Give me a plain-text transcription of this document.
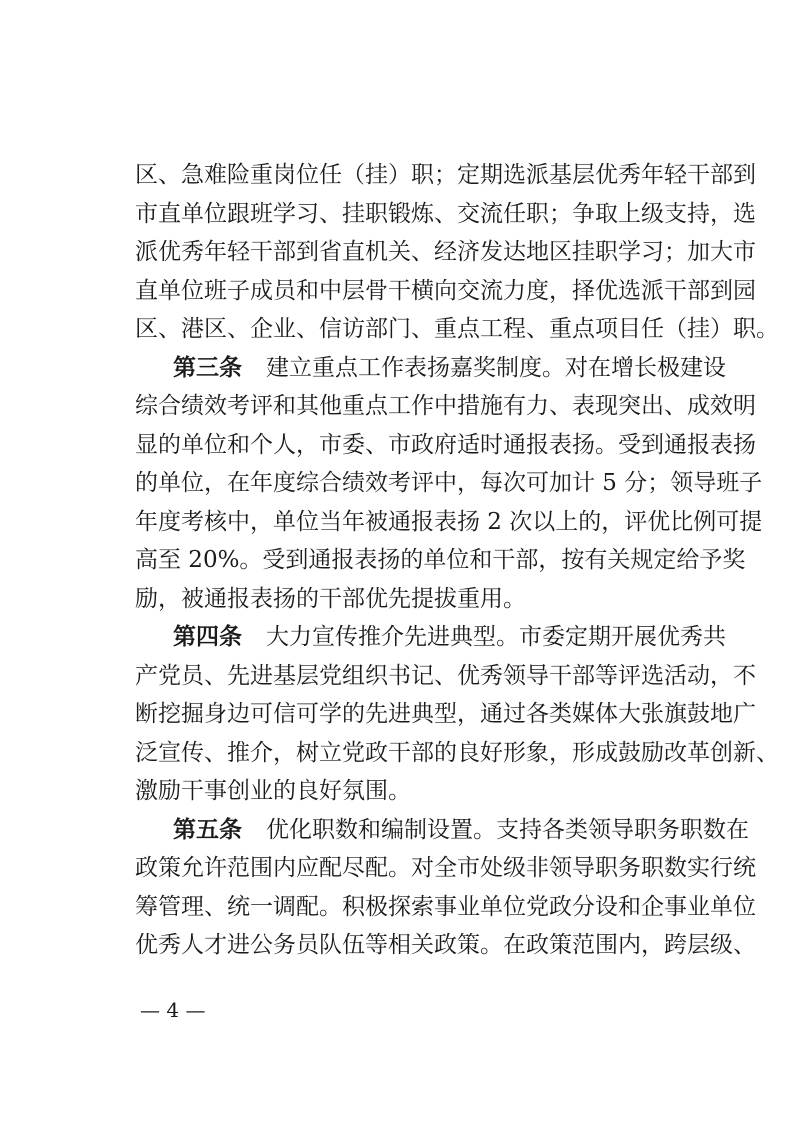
区、急难险重岗位任（挂）职；定期选派基层优秀年轻干部到
市直单位跟班学习、挂职锻炼、交流任职；争取上级支持，选
派优秀年轻干部到省直机关、经济发达地区挂职学习；加大市
直单位班子成员和中层骨干横向交流力度，择优选派干部到园
区、港区、企业、信访部门、重点工程、重点项目任（挂）职。
第三条 建立重点工作表扬嘉奖制度。对在增长极建设
综合绩效考评和其他重点工作中措施有力、表现突出、成效明
显的单位和个人，市委、市政府适时通报表扬。受到通报表扬
的单位，在年度综合绩效考评中，每次可加计 5 分；领导班子
年度考核中，单位当年被通报表扬 2 次以上的，评优比例可提
高至 20%。受到通报表扬的单位和干部，按有关规定给予奖
励，被通报表扬的干部优先提拔重用。
第四条 大力宣传推介先进典型。市委定期开展优秀共
产党员、先进基层党组织书记、优秀领导干部等评选活动，不
断挖掘身边可信可学的先进典型，通过各类媒体大张旗鼓地广
泛宣传、推介，树立党政干部的良好形象，形成鼓励改革创新、
激励干事创业的良好氛围。
第五条 优化职数和编制设置。支持各类领导职务职数在
政策允许范围内应配尽配。对全市处级非领导职务职数实行统
筹管理、统一调配。积极探索事业单位党政分设和企事业单位
优秀人才进公务员队伍等相关政策。在政策范围内，跨层级、
— 4 —
